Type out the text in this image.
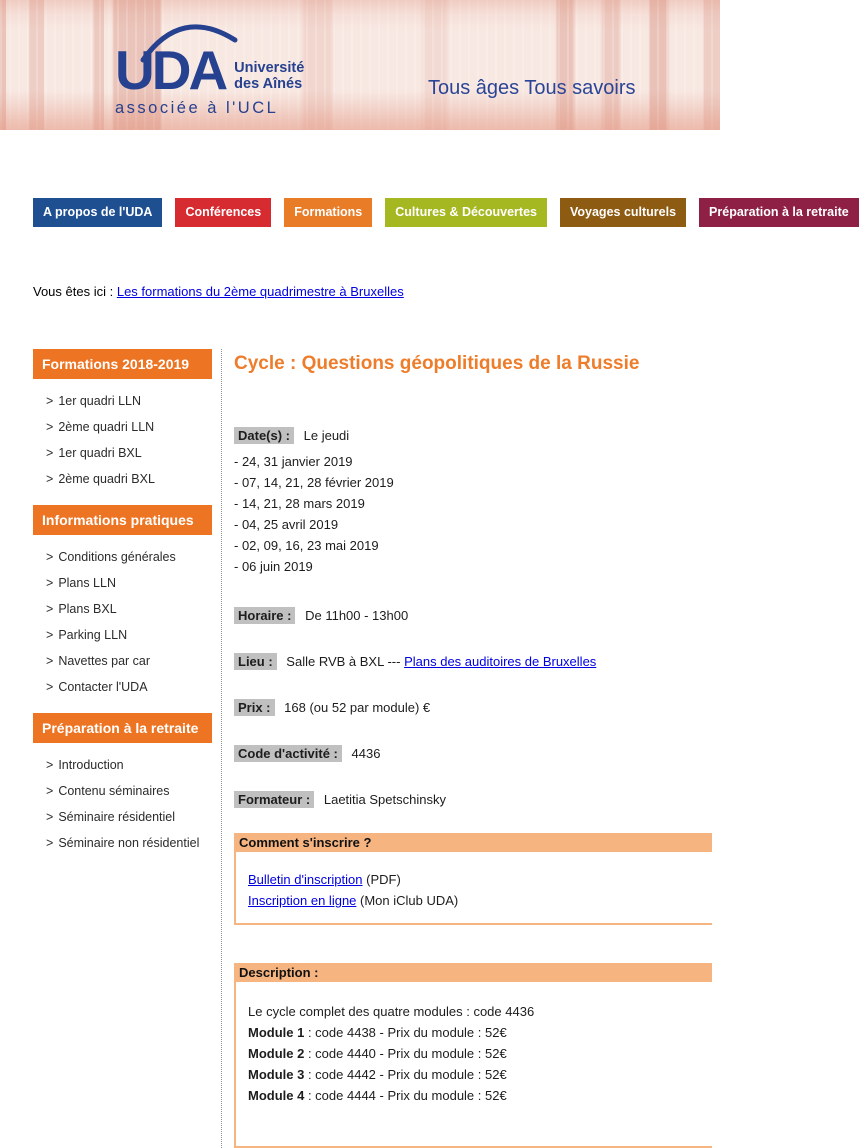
UDA Université
des Aînés
associée à l'UCL
Tous âges Tous savoirs
A propos de l'UDA	Conférences	Formations	Cultures & Découvertes	Voyages culturels	Préparation à la retraite
Vous êtes ici : Les formations du 2ème quadrimestre à Bruxelles
Formations 2018-2019
> 1er quadri LLN
> 2ème quadri LLN
> 1er quadri BXL
> 2ème quadri BXL
Informations pratiques
> Conditions générales
> Plans LLN
> Plans BXL
> Parking LLN
> Navettes par car
> Contacter l'UDA
Préparation à la retraite
> Introduction
> Contenu séminaires
> Séminaire résidentiel
> Séminaire non résidentiel
Cycle : Questions géopolitiques de la Russie
Date(s) : Le jeudi
- 24, 31 janvier 2019
- 07, 14, 21, 28 février 2019
- 14, 21, 28 mars 2019
- 04, 25 avril 2019
- 02, 09, 16, 23 mai 2019
- 06 juin 2019
Horaire : De 11h00 - 13h00
Lieu : Salle RVB à BXL --- Plans des auditoires de Bruxelles
Prix : 168 (ou 52 par module) €
Code d'activité : 4436
Formateur : Laetitia Spetschinsky
Comment s'inscrire ?
Bulletin d'inscription (PDF)
Inscription en ligne (Mon iClub UDA)
Description :
Le cycle complet des quatre modules : code 4436
Module 1 : code 4438 - Prix du module : 52€
Module 2 : code 4440 - Prix du module : 52€
Module 3 : code 4442 - Prix du module : 52€
Module 4 : code 4444 - Prix du module : 52€
